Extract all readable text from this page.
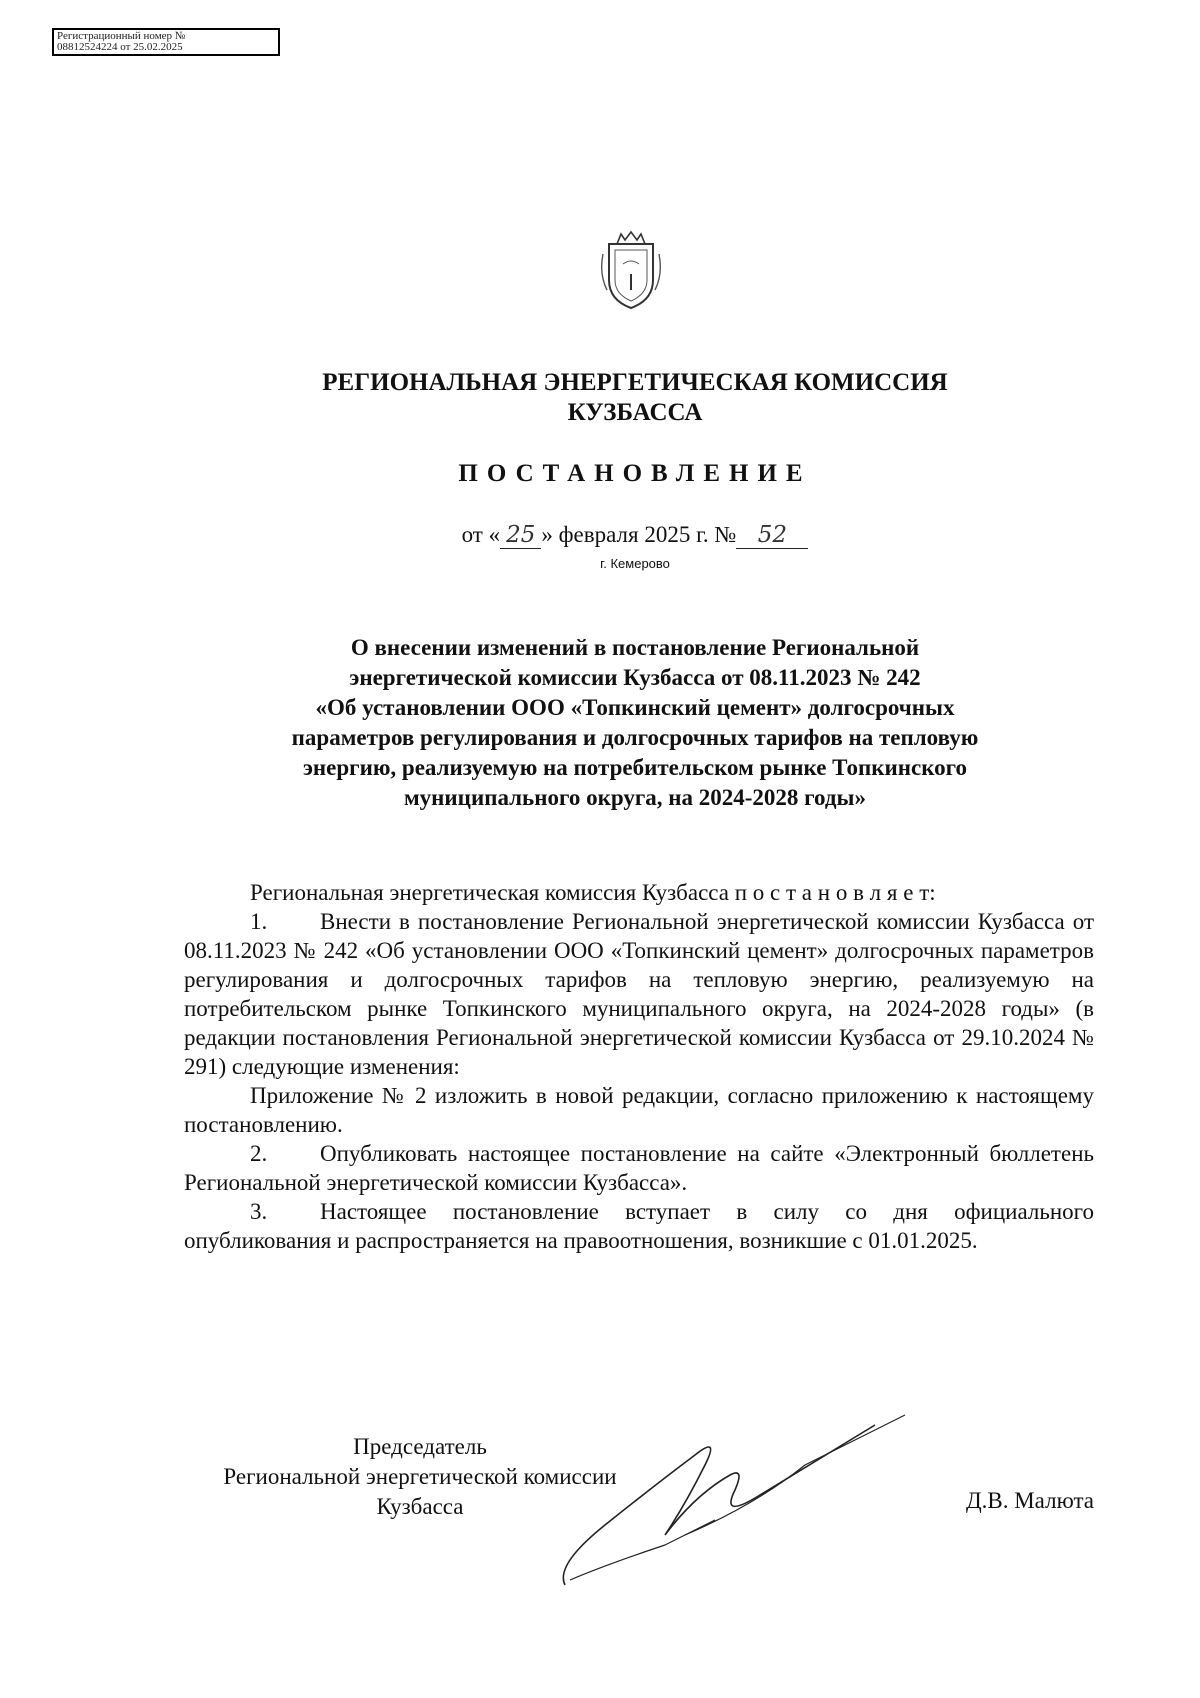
Регистрационный номер №
08812524224 от 25.02.2025
РЕГИОНАЛЬНАЯ ЭНЕРГЕТИЧЕСКАЯ КОМИССИЯ
КУЗБАССА
ПОСТАНОВЛЕНИЕ
от « 25 » февраля 2025 г. № 52
г. Кемерово
О внесении изменений в постановление Региональной
энергетической комиссии Кузбасса от 08.11.2023 № 242
«Об установлении ООО «Топкинский цемент» долгосрочных
параметров регулирования и долгосрочных тарифов на тепловую
энергию, реализуемую на потребительском рынке Топкинского
муниципального округа, на 2024-2028 годы»

Региональная энергетическая комиссия Кузбасса п о с т а н о в л я е т:

1. Внести в постановление Региональной энергетической комиссии Кузбасса от 08.11.2023 № 242 «Об установлении ООО «Топкинский цемент» долгосрочных параметров регулирования и долгосрочных тарифов на тепловую энергию, реализуемую на потребительском рынке Топкинского муниципального округа, на 2024-2028 годы» (в редакции постановления Региональной энергетической комиссии Кузбасса от 29.10.2024 № 291) следующие изменения:

Приложение № 2 изложить в новой редакции, согласно приложению к настоящему постановлению.

2. Опубликовать настоящее постановление на сайте «Электронный бюллетень Региональной энергетической комиссии Кузбасса».

3. Настоящее постановление вступает в силу со дня официального опубликования и распространяется на правоотношения, возникшие с 01.01.2025.

Председатель
Региональной энергетической комиссии
Кузбасса	Д.В. Малюта
